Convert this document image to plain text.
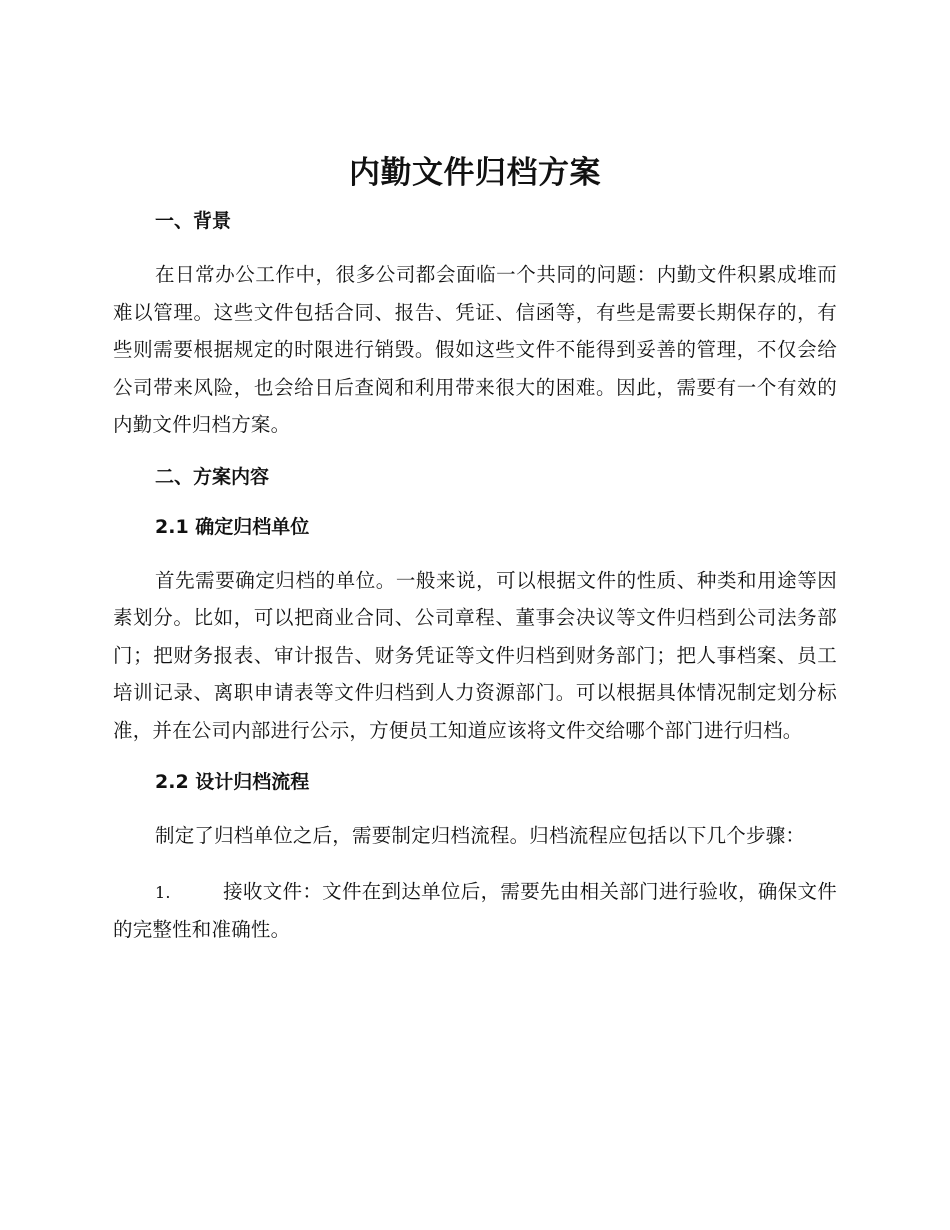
内勤文件归档方案
一、背景

在日常办公工作中，很多公司都会面临一个共同的问题：内勤文件积累成堆而难以管理。这些文件包括合同、报告、凭证、信函等，有些是需要长期保存的，有些则需要根据规定的时限进行销毁。假如这些文件不能得到妥善的管理，不仅会给公司带来风险，也会给日后查阅和利用带来很大的困难。因此，需要有一个有效的内勤文件归档方案。

二、方案内容
2.1 确定归档单位

首先需要确定归档的单位。一般来说，可以根据文件的性质、种类和用途等因素划分。比如，可以把商业合同、公司章程、董事会决议等文件归档到公司法务部门；把财务报表、审计报告、财务凭证等文件归档到财务部门；把人事档案、员工培训记录、离职申请表等文件归档到人力资源部门。可以根据具体情况制定划分标准，并在公司内部进行公示，方便员工知道应该将文件交给哪个部门进行归档。

2.2 设计归档流程

制定了归档单位之后，需要制定归档流程。归档流程应包括以下几个步骤：

1.	接收文件：文件在到达单位后，需要先由相关部门进行验收，确保文件的完整性和准确性。
